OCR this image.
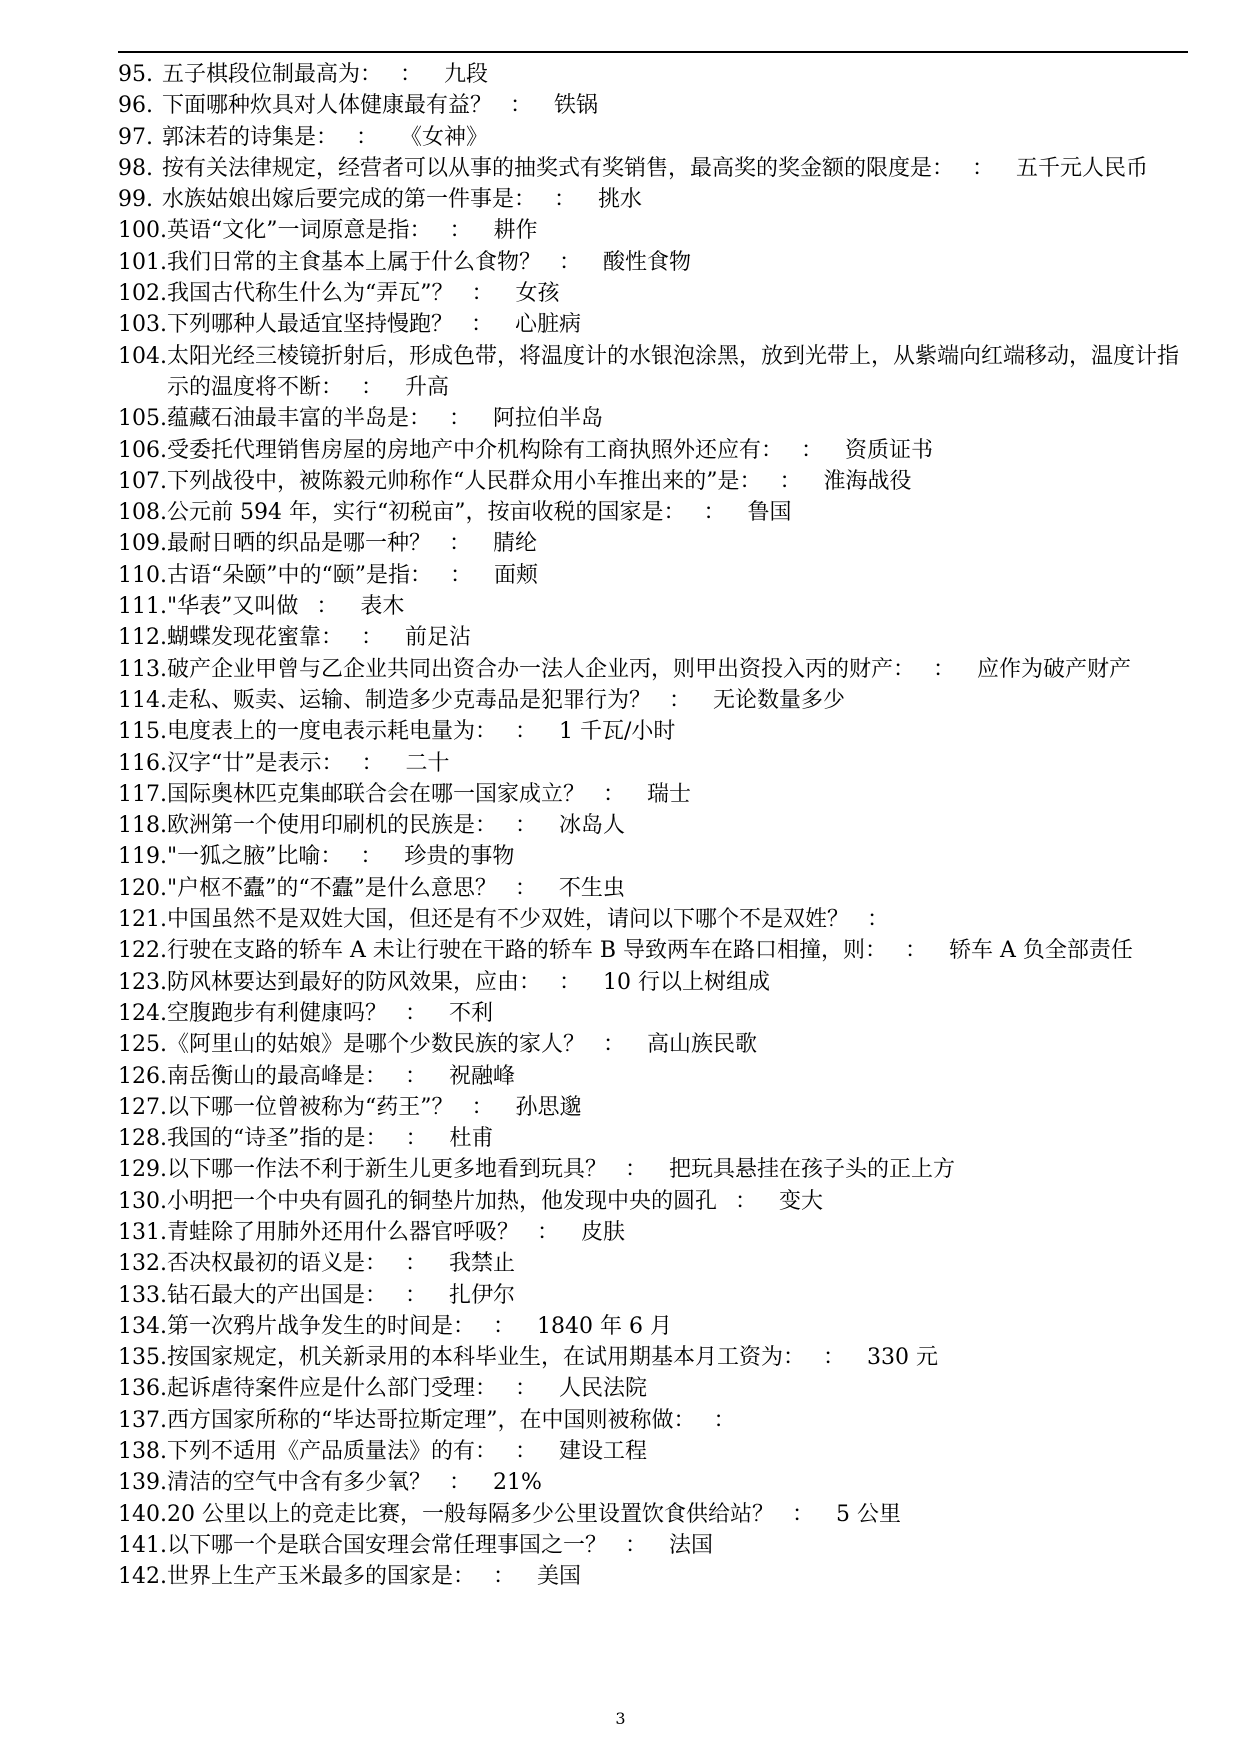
95. 五子棋段位制最高为： ： 九段
96. 下面哪种炊具对人体健康最有益？ ： 铁锅
97. 郭沫若的诗集是： ： 《女神》
98. 按有关法律规定，经营者可以从事的抽奖式有奖销售，最高奖的奖金额的限度是： ： 五千元人民币
99. 水族姑娘出嫁后要完成的第一件事是： ： 挑水
100. 英语“文化”一词原意是指： ： 耕作
101. 我们日常的主食基本上属于什么食物？ ： 酸性食物
102. 我国古代称生什么为“弄瓦”？ ： 女孩
103. 下列哪种人最适宜坚持慢跑？ ： 心脏病
104. 太阳光经三棱镜折射后，形成色带，将温度计的水银泡涂黑，放到光带上，从紫端向红端移动，温度计指示的温度将不断： ： 升高
105. 蕴藏石油最丰富的半岛是： ： 阿拉伯半岛
106. 受委托代理销售房屋的房地产中介机构除有工商执照外还应有： ： 资质证书
107. 下列战役中，被陈毅元帅称作“人民群众用小车推出来的”是： ： 淮海战役
108. 公元前 594 年，实行“初税亩”，按亩收税的国家是： ： 鲁国
109. 最耐日晒的织品是哪一种？ ： 腈纶
110. 古语“朵颐”中的“颐”是指： ： 面颊
111. "华表”又叫做 ： 表木
112. 蝴蝶发现花蜜靠： ： 前足沾
113. 破产企业甲曾与乙企业共同出资合办一法人企业丙，则甲出资投入丙的财产： ： 应作为破产财产
114. 走私、贩卖、运输、制造多少克毒品是犯罪行为？ ： 无论数量多少
115. 电度表上的一度电表示耗电量为： ： 1 千瓦/小时
116. 汉字“廿”是表示： ： 二十
117. 国际奥林匹克集邮联合会在哪一国家成立？ ： 瑞士
118. 欧洲第一个使用印刷机的民族是： ： 冰岛人
119. "一狐之腋”比喻： ： 珍贵的事物
120. "户枢不蠹”的“不蠹”是什么意思？ ： 不生虫
121. 中国虽然不是双姓大国，但还是有不少双姓，请问以下哪个不是双姓？ ：
122. 行驶在支路的轿车 A 未让行驶在干路的轿车 B 导致两车在路口相撞，则： ： 轿车 A 负全部责任
123. 防风林要达到最好的防风效果，应由： ： 10 行以上树组成
124. 空腹跑步有利健康吗？ ： 不利
125. 《阿里山的姑娘》是哪个少数民族的家人？ ： 高山族民歌
126. 南岳衡山的最高峰是： ： 祝融峰
127. 以下哪一位曾被称为“药王”？ ： 孙思邈
128. 我国的“诗圣”指的是： ： 杜甫
129. 以下哪一作法不利于新生儿更多地看到玩具？ ： 把玩具悬挂在孩子头的正上方
130. 小明把一个中央有圆孔的铜垫片加热，他发现中央的圆孔 ： 变大
131. 青蛙除了用肺外还用什么器官呼吸？ ： 皮肤
132. 否决权最初的语义是： ： 我禁止
133. 钻石最大的产出国是： ： 扎伊尔
134. 第一次鸦片战争发生的时间是： ： 1840 年 6 月
135. 按国家规定，机关新录用的本科毕业生，在试用期基本月工资为： ： 330 元
136. 起诉虐待案件应是什么部门受理： ： 人民法院
137. 西方国家所称的“毕达哥拉斯定理”，在中国则被称做： ：
138. 下列不适用《产品质量法》的有： ： 建设工程
139. 清洁的空气中含有多少氧？ ： 21%
140. 20 公里以上的竞走比赛，一般每隔多少公里设置饮食供给站？ ： 5 公里
141. 以下哪一个是联合国安理会常任理事国之一？ ： 法国
142. 世界上生产玉米最多的国家是： ： 美国
3
